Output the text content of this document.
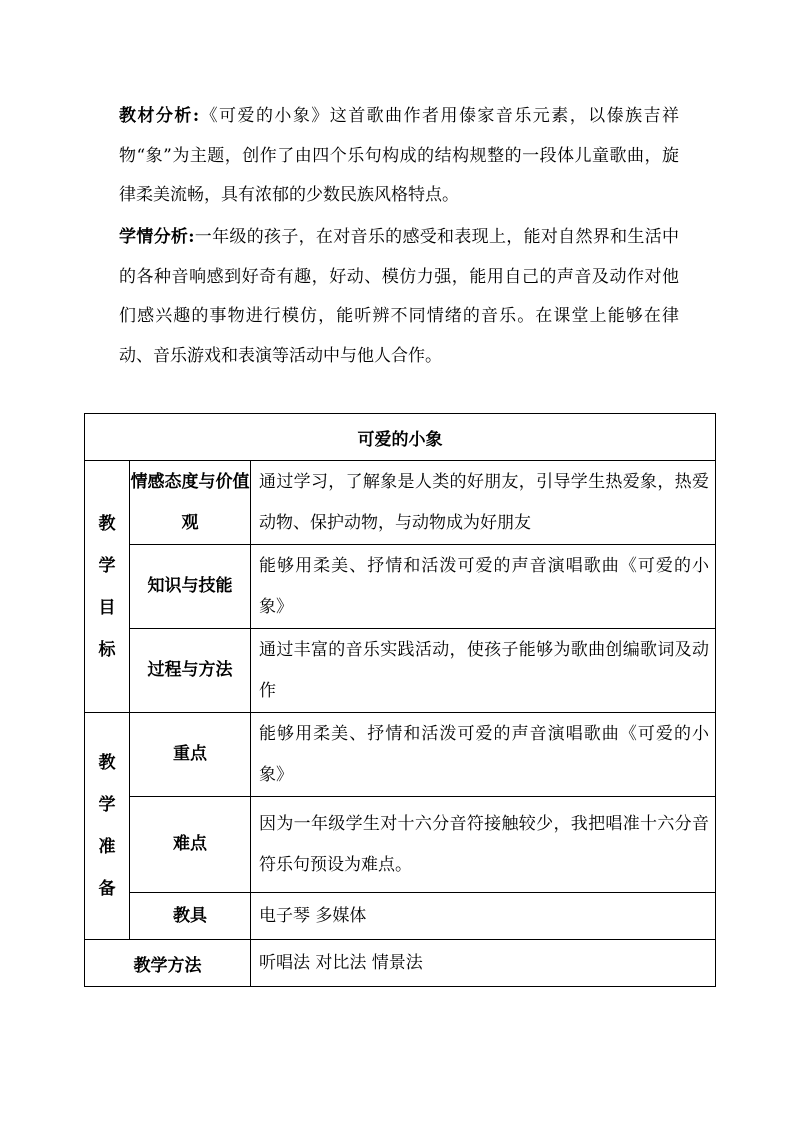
教材分析:《可爱的小象》这首歌曲作者用傣家音乐元素，以傣族吉祥物“象”为主题，创作了由四个乐句构成的结构规整的一段体儿童歌曲，旋律柔美流畅，具有浓郁的少数民族风格特点。
学情分析:一年级的孩子，在对音乐的感受和表现上，能对自然界和生活中的各种音响感到好奇有趣，好动、模仿力强，能用自己的声音及动作对他们感兴趣的事物进行模仿，能听辨不同情绪的音乐。在课堂上能够在律动、音乐游戏和表演等活动中与他人合作。
可爱的小象		

教
学
目
标	情感态度与价值观	通过学习，了解象是人类的好朋友，引导学生热爱象，热爱动物、保护动物，与动物成为好朋友
	知识与技能	能够用柔美、抒情和活泼可爱的声音演唱歌曲《可爱的小象》
	过程与方法	通过丰富的音乐实践活动，使孩子能够为歌曲创编歌词及动作

教
学
准
备	重点	能够用柔美、抒情和活泼可爱的声音演唱歌曲《可爱的小象》
	难点	因为一年级学生对十六分音符接触较少，我把唱准十六分音符乐句预设为难点。
	教具	电子琴 多媒体
教学方法		听唱法 对比法 情景法
